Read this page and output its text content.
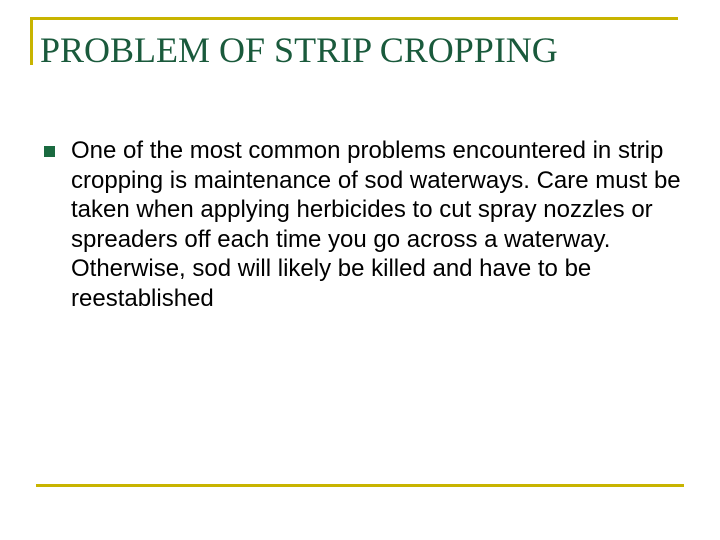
PROBLEM OF STRIP CROPPING

One of the most common problems encountered in strip cropping is maintenance of sod waterways. Care must be taken when applying herbicides to cut spray nozzles or spreaders off each time you go across a waterway. Otherwise, sod will likely be killed and have to be reestablished
